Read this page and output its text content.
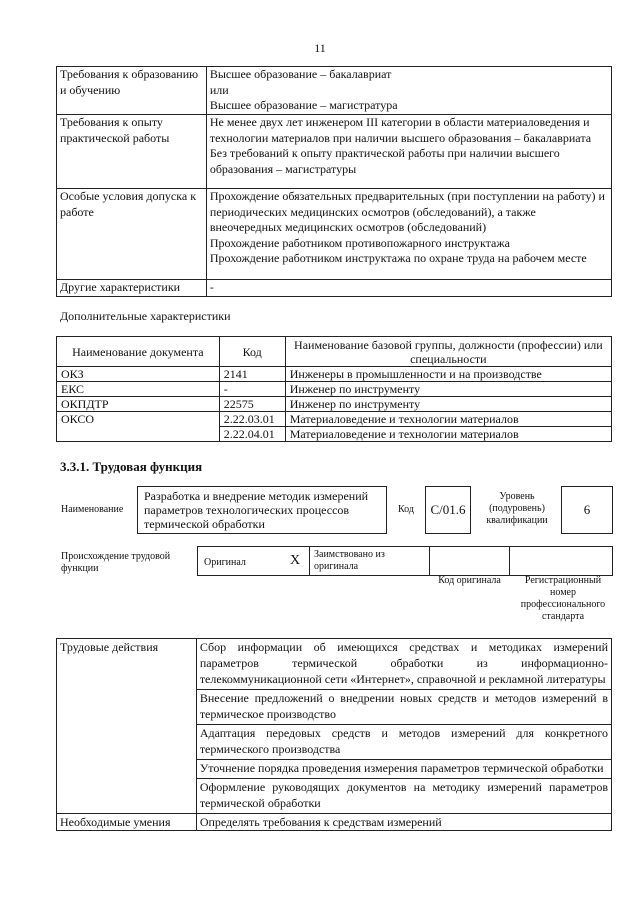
11
Требования к образованию и обучению	Высшее образование – бакалавриат

или

Высшее образование – магистратура

Требования к опыту практической работы	Не менее двух лет инженером III категории в области материаловедения и технологии материалов при наличии высшего образования – бакалавриата

Без требований к опыту практической работы при наличии высшего образования – магистратуры

Особые условия допуска к работе	Прохождение обязательных предварительных (при поступлении на работу) и периодических медицинских осмотров (обследований), а также внеочередных медицинских осмотров (обследований)

Прохождение работником противопожарного инструктажа

Прохождение работником инструктажа по охране труда на рабочем месте

Другие характеристики	-

Дополнительные характеристики
Наименование документа	Код	Наименование базовой группы, должности (профессии) или специальности
ОКЗ	2141	Инженеры в промышленности и на производстве
ЕКС	-	Инженер по инструменту
ОКПДТР	22575	Инженер по инструменту
ОКСО	2.22.03.01	Материаловедение и технологии материалов
	2.22.04.01	Материаловедение и технологии материалов
3.3.1. Трудовая функция
Наименование
Разработка и внедрение методик измерений параметров технологических процессов термической обработки
Код	C/01.6
Уровень (подуровень) квалификации
6
Происхождение трудовой функции
Оригинал	X Заимствовано из оригинала
Код оригинала	Регистрационный номер профессионального стандарта
Трудовые действия	Сбор информации об имеющихся средствах и методиках измерений параметров термической обработки из информационно-телекоммуникационной сети «Интернет», справочной и рекламной литературы
	Внесение предложений о внедрении новых средств и методов измерений в термическое производство
	Адаптация передовых средств и методов измерений для конкретного термического производства
	Уточнение порядка проведения измерения параметров термической обработки
	Оформление руководящих документов на методику измерений параметров термической обработки
Необходимые умения	Определять требования к средствам измерений
